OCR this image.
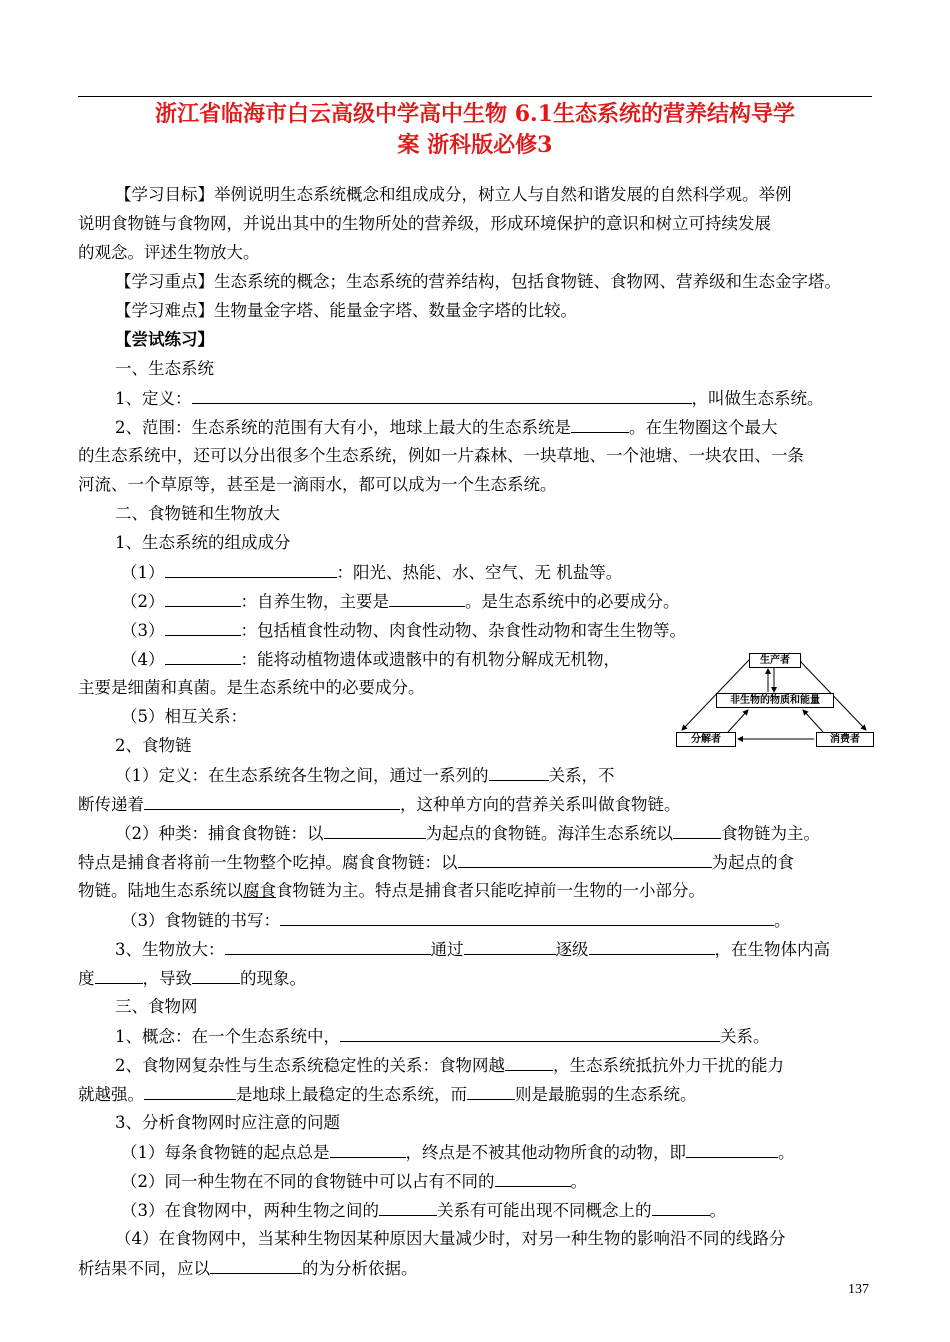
浙江省临海市白云高级中学高中生物 6.1生态系统的营养结构导学
案 浙科版必修3
【学习目标】举例说明生态系统概念和组成成分，树立人与自然和谐发展的自然科学观。举例
说明食物链与食物网，并说出其中的生物所处的营养级，形成环境保护的意识和树立可持续发展
的观念。评述生物放大。
【学习重点】生态系统的概念；生态系统的营养结构，包括食物链、食物网、营养级和生态金字塔。
【学习难点】生物量金字塔、能量金字塔、数量金字塔的比较。
【尝试练习】
一、生态系统
1、定义：	，叫做生态系统。
2、范围：生态系统的范围有大有小，地球上最大的生态系统是	。在生物圈这个最大
的生态系统中，还可以分出很多个生态系统，例如一片森林、一块草地、一个池塘、一块农田、一条
河流、一个草原等，甚至是一滴雨水，都可以成为一个生态系统。
二、食物链和生物放大
1、生态系统的组成成分
（1）	：阳光、热能、水、空气、无 机盐等。
（2）	：自养生物，主要是	。是生态系统中的必要成分。
（3）	：包括植食性动物、肉食性动物、杂食性动物和寄生生物等。
（4）	：能将动植物遗体或遗骸中的有机物分解成无机物，
主要是细菌和真菌。是生态系统中的必要成分。
（5）相互关系：
生产者
非生物的物质和能量
分解者	消费者
2、食物链
（1）定义：在生态系统各生物之间，通过一系列的	关系，不
断传递着	，这种单方向的营养关系叫做食物链。
（2）种类：捕食食物链：以	为起点的食物链。海洋生态系统以	食物链为主。
特点是捕食者将前一生物整个吃掉。腐食食物链：以	为起点的食
物链。陆地生态系统以腐食食物链为主。特点是捕食者只能吃掉前一生物的一小部分。
（3）食物链的书写：	。
3、生物放大：	通过	逐级	，在生物体内高
度	，导致	的现象。
三、食物网
1、概念：在一个生态系统中，	关系。
2、食物网复杂性与生态系统稳定性的关系：食物网越	，生态系统抵抗外力干扰的能力
就越强。	是地球上最稳定的生态系统，而	则是最脆弱的生态系统。
3、分析食物网时应注意的问题
（1）每条食物链的起点总是	，终点是不被其他动物所食的动物，即	。
（2）同一种生物在不同的食物链中可以占有不同的	。
（3）在食物网中，两种生物之间的	关系有可能出现不同概念上的	。
（4）在食物网中，当某种生物因某种原因大量减少时，对另一种生物的影响沿不同的线路分
析结果不同，应以	的为分析依据。
137
